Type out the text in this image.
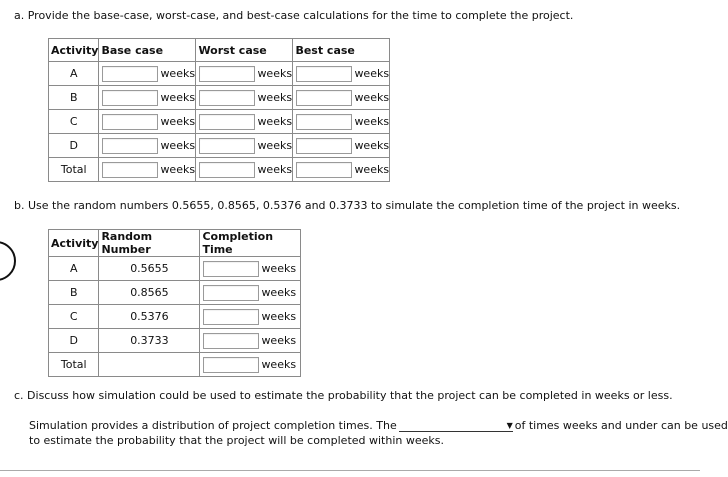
a. Provide the base-case, worst-case, and best-case calculations for the time to complete the project.
Activity	Base case	Worst case	Best case
A	weeks	weeks	weeks
B	weeks	weeks	weeks
C	weeks	weeks	weeks
D	weeks	weeks	weeks
Total	weeks	weeks	weeks
b. Use the random numbers 0.5655, 0.8565, 0.5376 and 0.3733 to simulate the completion time of the project in weeks.
Activity	Random Number	Completion Time
A	0.5655	weeks
B	0.8565	weeks
C	0.5376	weeks
D	0.3733	weeks
Total		weeks
c. Discuss how simulation could be used to estimate the probability that the project can be completed in weeks or less.
Simulation provides a distribution of project completion times. The	▼ of times weeks and under can be used
to estimate the probability that the project will be completed within weeks.
